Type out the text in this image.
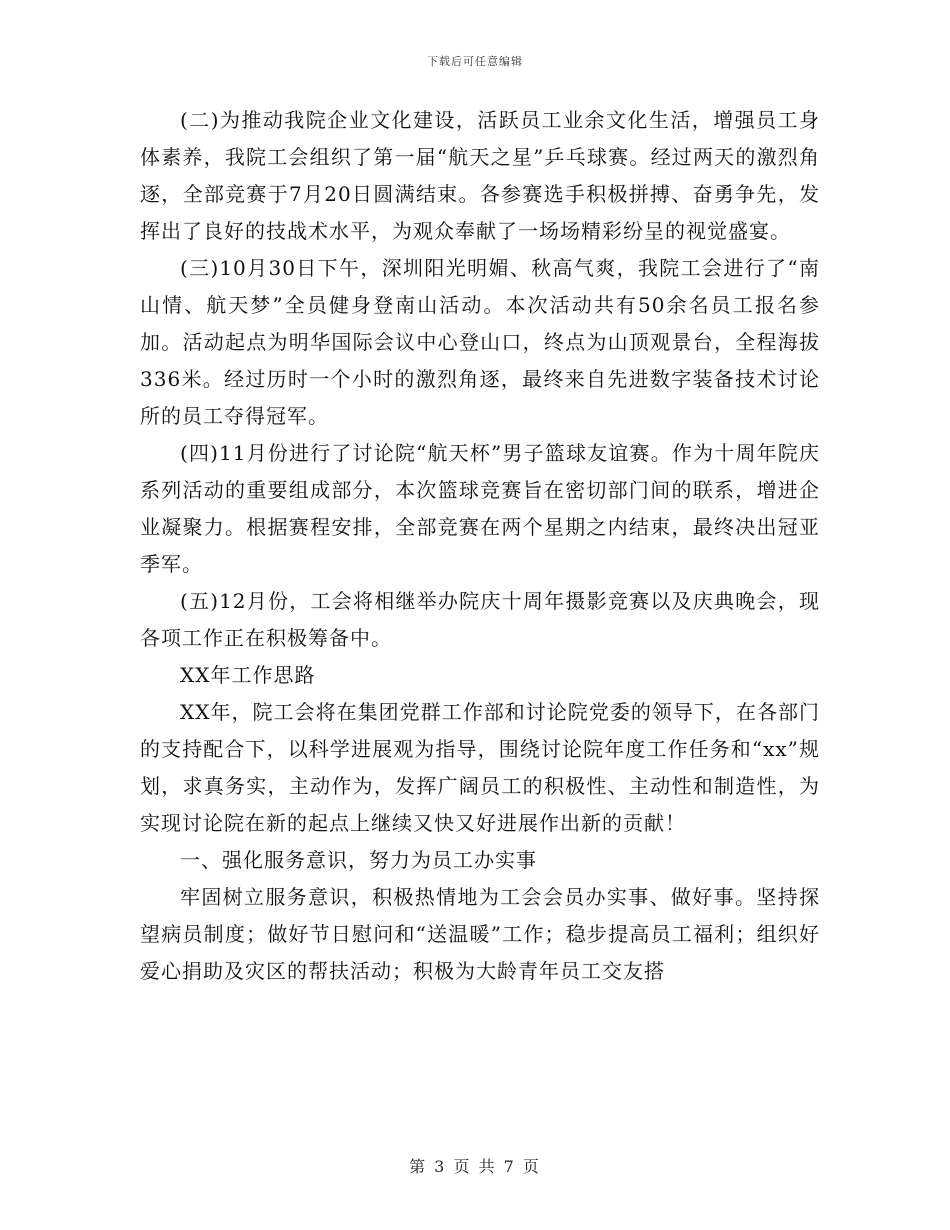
下载后可任意编辑

(二)为推动我院企业文化建设，活跃员工业余文化生活，增强员工身体素养，我院工会组织了第一届“航天之星”乒乓球赛。经过两天的激烈角逐，全部竞赛于7月20日圆满结束。各参赛选手积极拼搏、奋勇争先，发挥出了良好的技战术水平，为观众奉献了一场场精彩纷呈的视觉盛宴。

(三)10月30日下午，深圳阳光明媚、秋高气爽，我院工会进行了“南山情、航天梦”全员健身登南山活动。本次活动共有50余名员工报名参加。活动起点为明华国际会议中心登山口，终点为山顶观景台，全程海拔336米。经过历时一个小时的激烈角逐，最终来自先进数字装备技术讨论所的员工夺得冠军。

(四)11月份进行了讨论院“航天杯”男子篮球友谊赛。作为十周年院庆系列活动的重要组成部分，本次篮球竞赛旨在密切部门间的联系，增进企业凝聚力。根据赛程安排，全部竞赛在两个星期之内结束，最终决出冠亚季军。

(五)12月份，工会将相继举办院庆十周年摄影竞赛以及庆典晚会，现各项工作正在积极筹备中。

XX年工作思路

XX年，院工会将在集团党群工作部和讨论院党委的领导下，在各部门的支持配合下，以科学进展观为指导，围绕讨论院年度工作任务和“xx”规划，求真务实，主动作为，发挥广阔员工的积极性、主动性和制造性，为实现讨论院在新的起点上继续又快又好进展作出新的贡献！

一、强化服务意识，努力为员工办实事

牢固树立服务意识，积极热情地为工会会员办实事、做好事。坚持探望病员制度；做好节日慰问和“送温暖”工作；稳步提高员工福利；组织好爱心捐助及灾区的帮扶活动；积极为大龄青年员工交友搭

第 3 页 共 7 页
